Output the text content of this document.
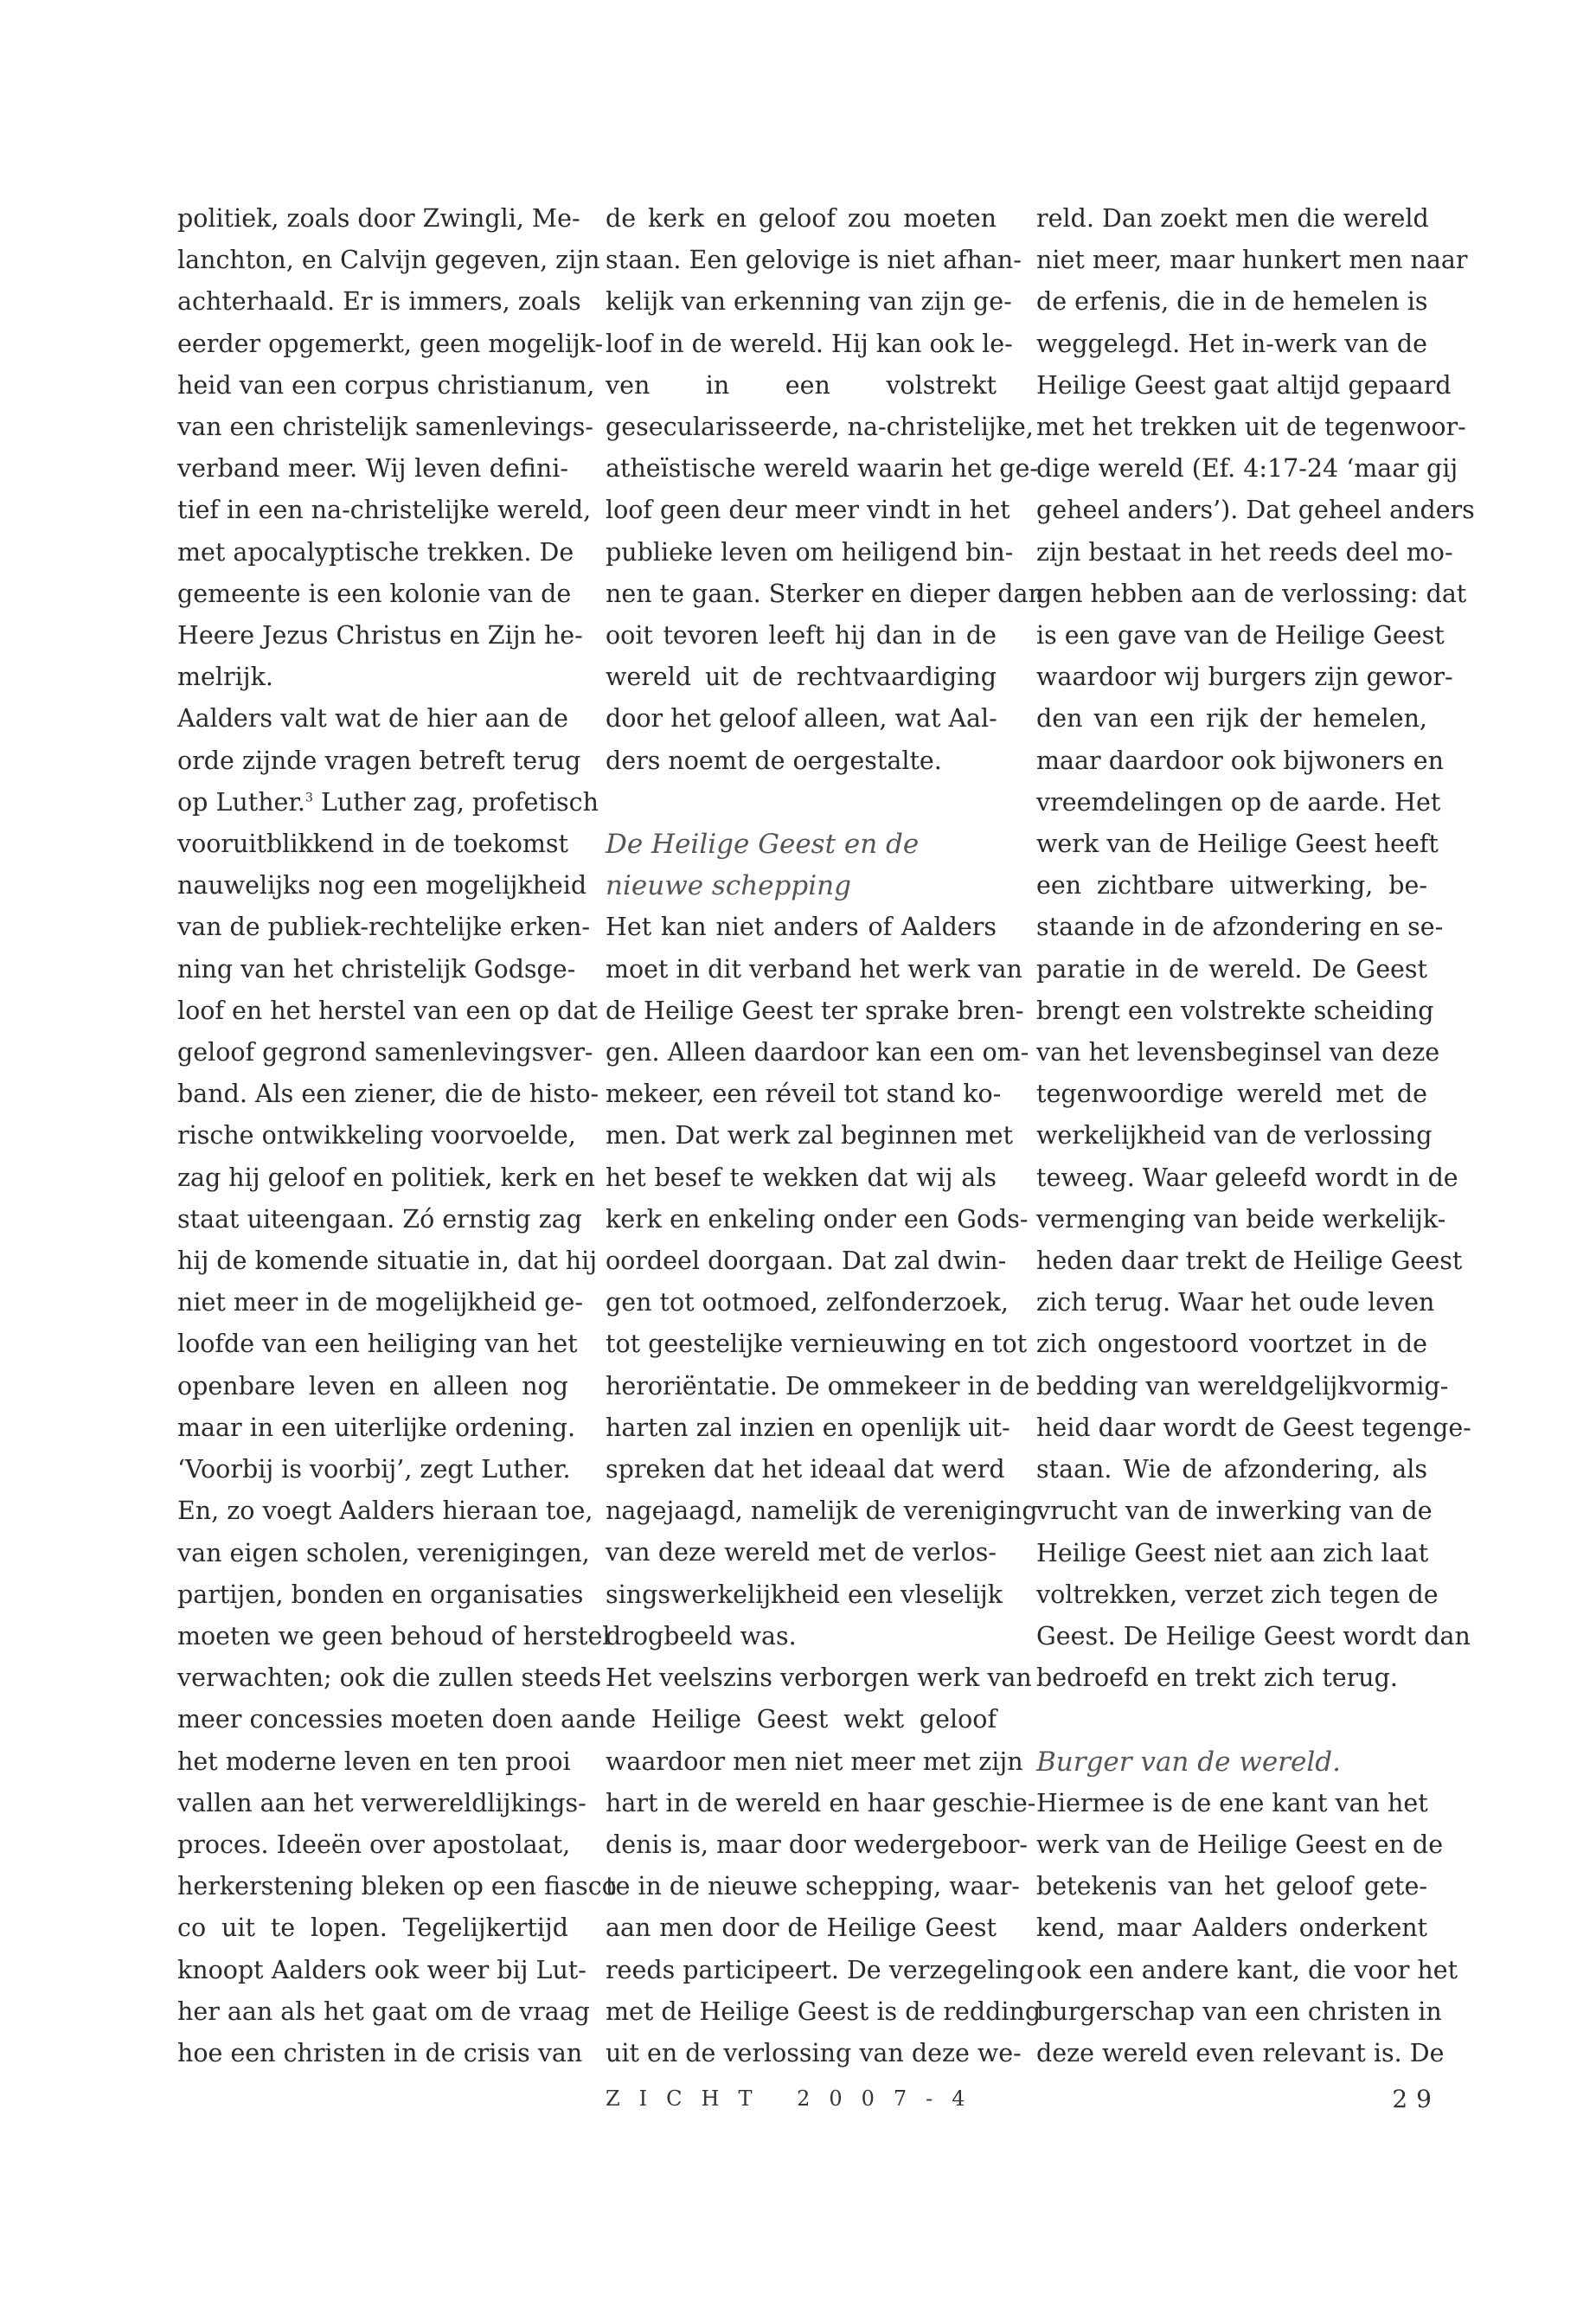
politiek, zoals door Zwingli, Me-
lanchton, en Calvijn gegeven, zijn
achterhaald. Er is immers, zoals
eerder opgemerkt, geen mogelijk-
heid van een corpus christianum,
van een christelijk samenlevings-
verband meer. Wij leven defini-
tief in een na-christelijke wereld,
met apocalyptische trekken. De
gemeente is een kolonie van de
Heere Jezus Christus en Zijn he-
melrijk.
Aalders valt wat de hier aan de
orde zijnde vragen betreft terug
op Luther.$^3$ Luther zag, profetisch
vooruitblikkend in de toekomst
nauwelijks nog een mogelijkheid
van de publiek-rechtelijke erken-
ning van het christelijk Godsge-
loof en het herstel van een op dat
geloof gegrond samenlevingsver-
band. Als een ziener, die de histo-
rische ontwikkeling voorvoelde,
zag hij geloof en politiek, kerk en
staat uiteengaan. Zó ernstig zag
hij de komende situatie in, dat hij
niet meer in de mogelijkheid ge-
loofde van een heiliging van het
openbare leven en alleen nog
maar in een uiterlijke ordening.
‘Voorbij is voorbij’, zegt Luther.
En, zo voegt Aalders hieraan toe,
van eigen scholen, verenigingen,
partijen, bonden en organisaties
moeten we geen behoud of herstel
verwachten; ook die zullen steeds
meer concessies moeten doen aan
het moderne leven en ten prooi
vallen aan het verwereldlijkings-
proces. Ideeën over apostolaat,
herkerstening bleken op een fiasco
co uit te lopen. Tegelijkertijd
knoopt Aalders ook weer bij Lut-
her aan als het gaat om de vraag
hoe een christen in de crisis van
de kerk en geloof zou moeten
staan. Een gelovige is niet afhan-
kelijk van erkenning van zijn ge-
loof in de wereld. Hij kan ook le-
ven in een volstrekt
gesecularisseerde, na-christelijke,
atheïstische wereld waarin het ge-
loof geen deur meer vindt in het
publieke leven om heiligend bin-
nen te gaan. Sterker en dieper dan
ooit tevoren leeft hij dan in de
wereld uit de rechtvaardiging
door het geloof alleen, wat Aal-
ders noemt de oergestalte.
De Heilige Geest en de
nieuwe schepping
Het kan niet anders of Aalders
moet in dit verband het werk van
de Heilige Geest ter sprake bren-
gen. Alleen daardoor kan een om-
mekeer, een réveil tot stand ko-
men. Dat werk zal beginnen met
het besef te wekken dat wij als
kerk en enkeling onder een Gods-
oordeel doorgaan. Dat zal dwin-
gen tot ootmoed, zelfonderzoek,
tot geestelijke vernieuwing en tot
heroriëntatie. De ommekeer in de
harten zal inzien en openlijk uit-
spreken dat het ideaal dat werd
nagejaagd, namelijk de vereniging
van deze wereld met de verlos-
singswerkelijkheid een vleselijk
drogbeeld was.
Het veelszins verborgen werk van
de Heilige Geest wekt geloof
waardoor men niet meer met zijn
hart in de wereld en haar geschie-
denis is, maar door wedergeboor-
te in de nieuwe schepping, waar-
aan men door de Heilige Geest
reeds participeert. De verzegeling
met de Heilige Geest is de redding
uit en de verlossing van deze we-
reld. Dan zoekt men die wereld
niet meer, maar hunkert men naar
de erfenis, die in de hemelen is
weggelegd. Het in-werk van de
Heilige Geest gaat altijd gepaard
met het trekken uit de tegenwoor-
dige wereld (Ef. 4:17-24 ‘maar gij
geheel anders’). Dat geheel anders
zijn bestaat in het reeds deel mo-
gen hebben aan de verlossing: dat
is een gave van de Heilige Geest
waardoor wij burgers zijn gewor-
den van een rijk der hemelen,
maar daardoor ook bijwoners en
vreemdelingen op de aarde. Het
werk van de Heilige Geest heeft
een zichtbare uitwerking, be-
staande in de afzondering en se-
paratie in de wereld. De Geest
brengt een volstrekte scheiding
van het levensbeginsel van deze
tegenwoordige wereld met de
werkelijkheid van de verlossing
teweeg. Waar geleefd wordt in de
vermenging van beide werkelijk-
heden daar trekt de Heilige Geest
zich terug. Waar het oude leven
zich ongestoord voortzet in de
bedding van wereldgelijkvormig-
heid daar wordt de Geest tegenge-
staan. Wie de afzondering, als
vrucht van de inwerking van de
Heilige Geest niet aan zich laat
voltrekken, verzet zich tegen de
Geest. De Heilige Geest wordt dan
bedroefd en trekt zich terug.
Burger van de wereld.
Hiermee is de ene kant van het
werk van de Heilige Geest en de
betekenis van het geloof gete-
kend, maar Aalders onderkent
ook een andere kant, die voor het
burgerschap van een christen in
deze wereld even relevant is. De
ZICHT 2007-4	29
